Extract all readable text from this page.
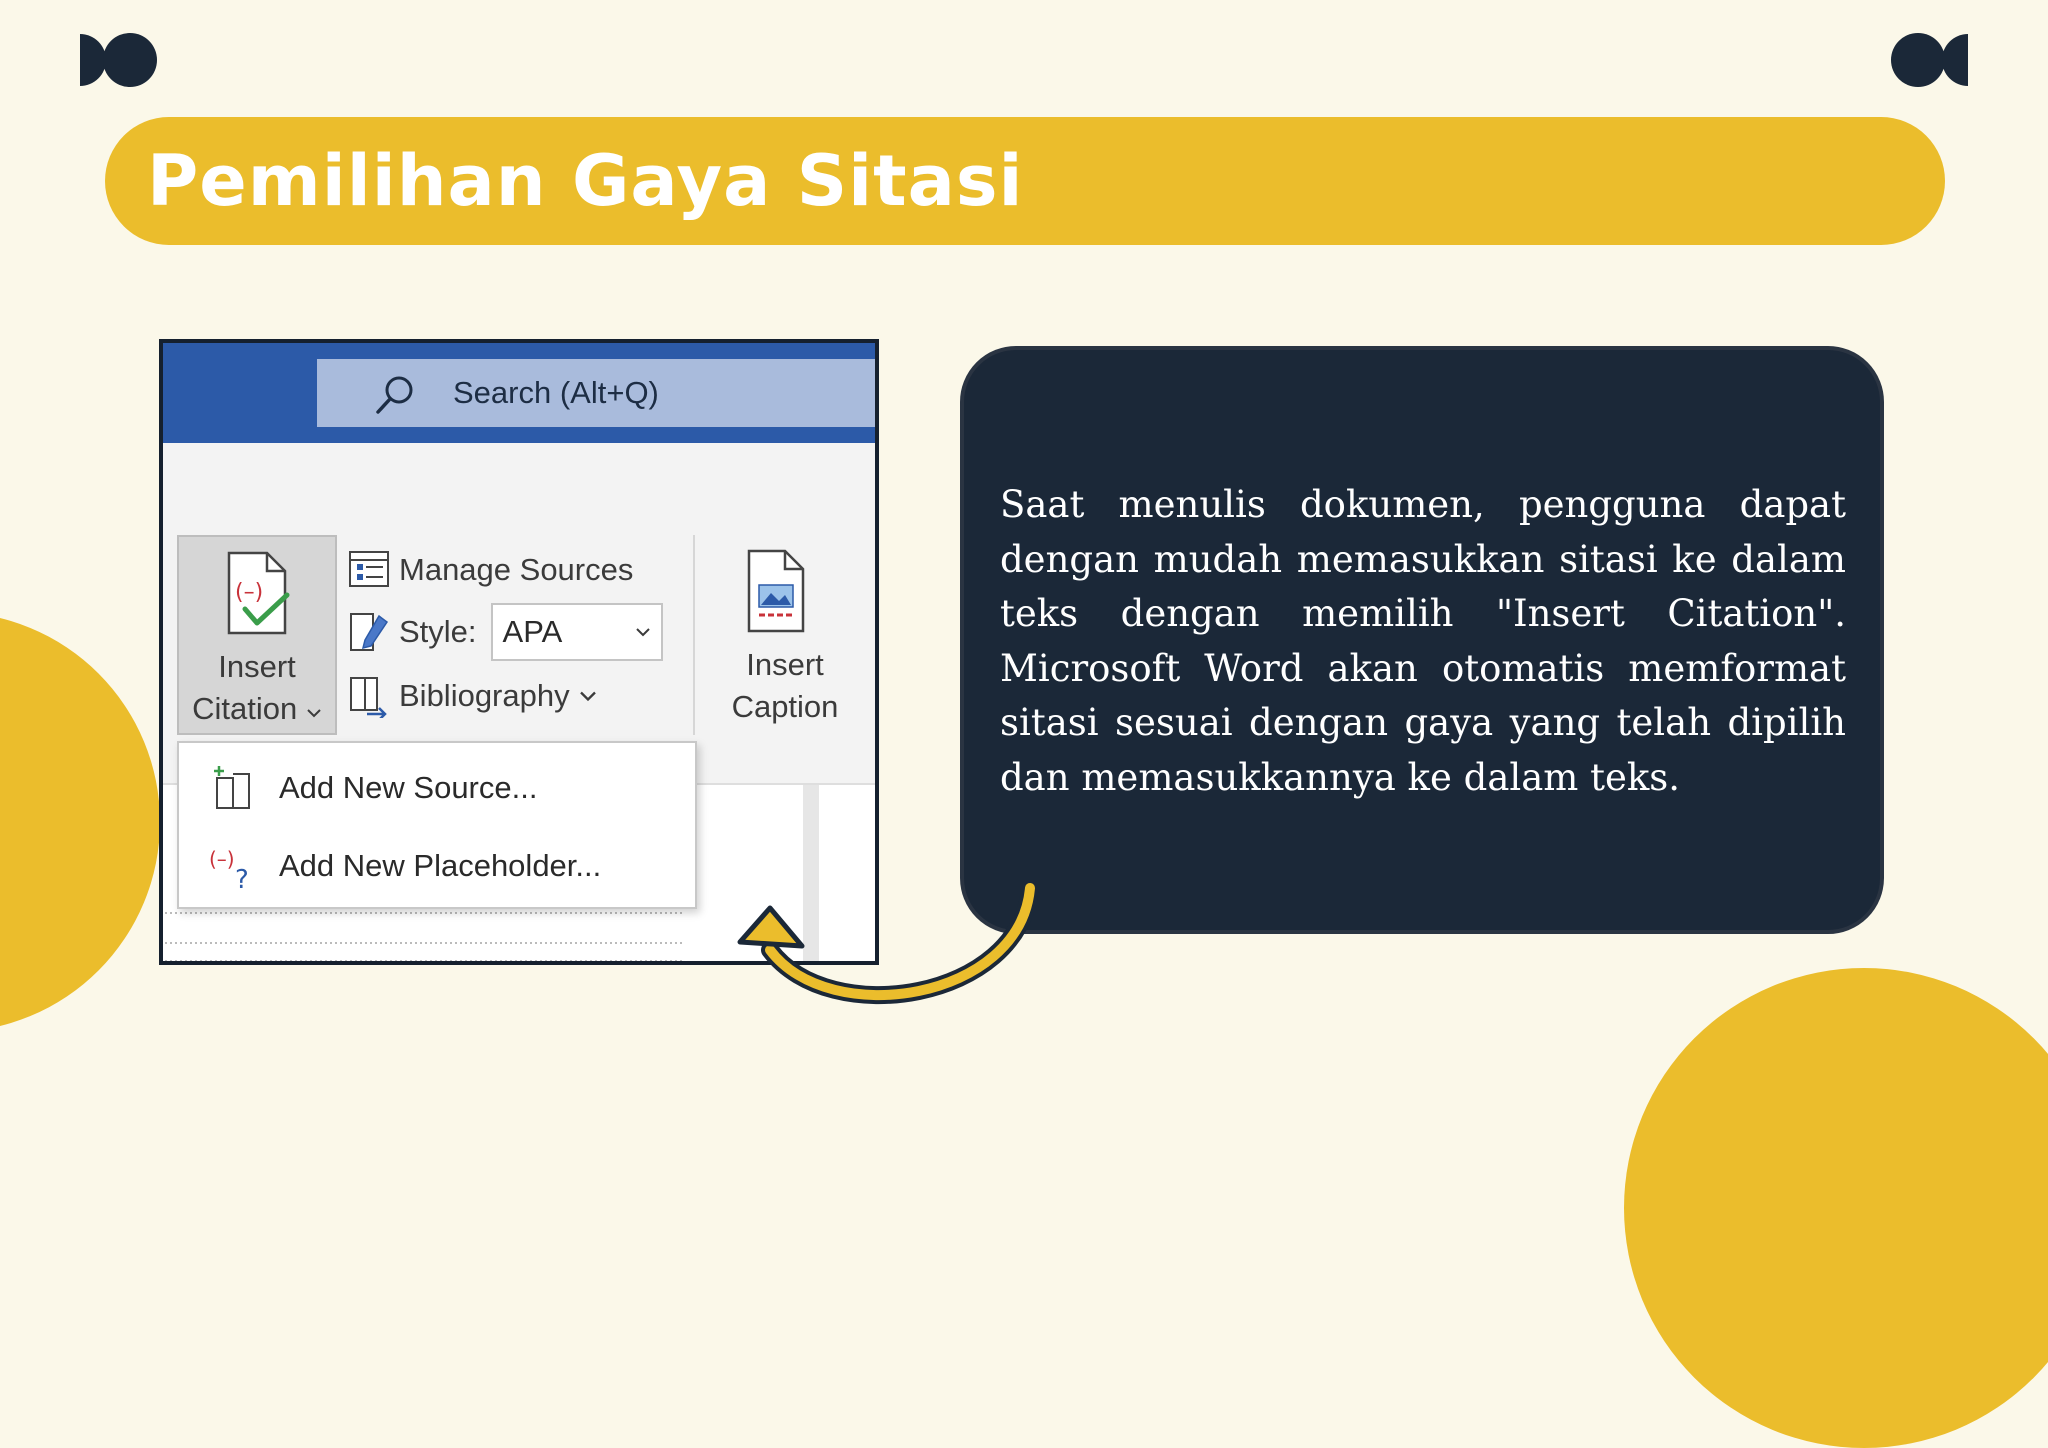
Pemilihan Gaya Sitasi
Search (Alt+Q)
(–)
Insert
Citation
Manage Sources
Style: APA
Bibliography
Insert
Caption
Add New Source...
(–)
? Add New Placeholder...
Saat menulis dokumen, pengguna dapat dengan mudah memasukkan sitasi ke dalam teks dengan memilih "Insert Citation". Microsoft Word akan otomatis memformat sitasi sesuai dengan gaya yang telah dipilih dan memasukkannya ke dalam teks.
